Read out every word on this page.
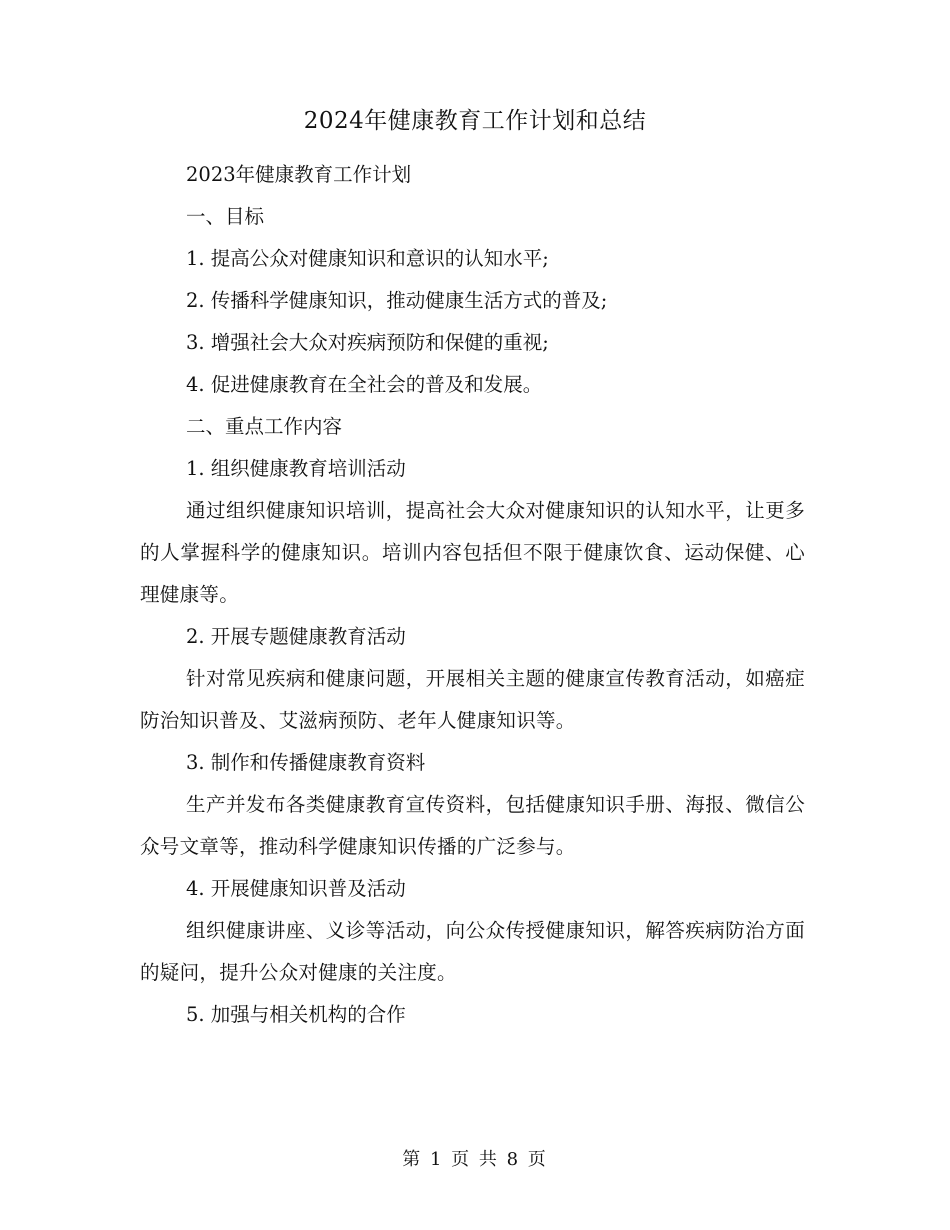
2024年健康教育工作计划和总结

2023年健康教育工作计划

一、目标

1. 提高公众对健康知识和意识的认知水平;

2. 传播科学健康知识，推动健康生活方式的普及;

3. 增强社会大众对疾病预防和保健的重视;

4. 促进健康教育在全社会的普及和发展。

二、重点工作内容

1. 组织健康教育培训活动

通过组织健康知识培训，提高社会大众对健康知识的认知水平，让更多的人掌握科学的健康知识。培训内容包括但不限于健康饮食、运动保健、心理健康等。

2. 开展专题健康教育活动

针对常见疾病和健康问题，开展相关主题的健康宣传教育活动，如癌症防治知识普及、艾滋病预防、老年人健康知识等。

3. 制作和传播健康教育资料

生产并发布各类健康教育宣传资料，包括健康知识手册、海报、微信公众号文章等，推动科学健康知识传播的广泛参与。

4. 开展健康知识普及活动

组织健康讲座、义诊等活动，向公众传授健康知识，解答疾病防治方面的疑问，提升公众对健康的关注度。

5. 加强与相关机构的合作

第 1 页 共 8 页
